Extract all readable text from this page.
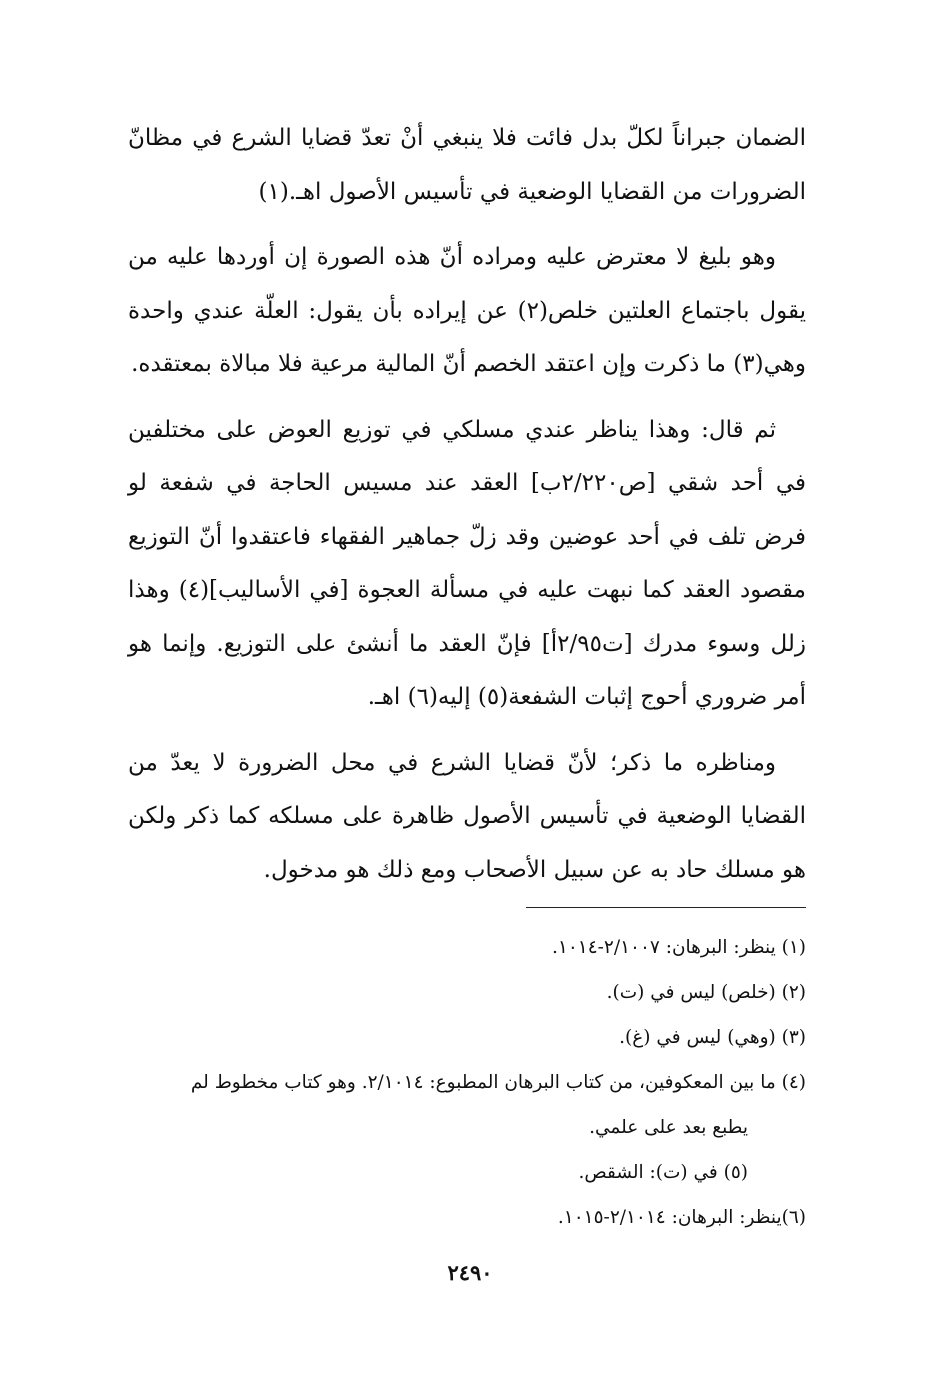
الضمان جبراناً لكلّ بدل فائت فلا ينبغي أنْ تعدّ قضايا الشرع في مظانّ الضرورات من القضايا الوضعية في تأسيس الأصول اهـ.(١)

وهو بليغ لا معترض عليه ومراده أنّ هذه الصورة إن أوردها عليه من يقول باجتماع العلتين خلص(٢) عن إيراده بأن يقول: العلّة عندي واحدة وهي(٣) ما ذكرت وإن اعتقد الخصم أنّ المالية مرعية فلا مبالاة بمعتقده.

ثم قال: وهذا يناظر عندي مسلكي في توزيع العوض على مختلفين في أحد شقي [ص٢/٢٢٠ب] العقد عند مسيس الحاجة في شفعة لو فرض تلف في أحد عوضين وقد زلّ جماهير الفقهاء فاعتقدوا أنّ التوزيع مقصود العقد كما نبهت عليه في مسألة العجوة [في الأساليب](٤) وهذا زلل وسوء مدرك [ت٢/٩٥أ] فإنّ العقد ما أنشئ على التوزيع. وإنما هو أمر ضروري أحوج إثبات الشفعة(٥) إليه(٦) اهـ.

ومناظره ما ذكر؛ لأنّ قضايا الشرع في محل الضرورة لا يعدّ من القضايا الوضعية في تأسيس الأصول ظاهرة على مسلكه كما ذكر ولكن هو مسلك حاد به عن سبيل الأصحاب ومع ذلك هو مدخول.

(١) ينظر: البرهان: ٢/١٠٠٧-١٠١٤.
(٢) (خلص) ليس في (ت).
(٣) (وهي) ليس في (غ).
(٤) ما بين المعكوفين، من كتاب البرهان المطبوع: ٢/١٠١٤. وهو كتاب مخطوط لم
يطبع بعد على علمي.
(٥) في (ت): الشقص.
(٦)ينظر: البرهان: ٢/١٠١٤-١٠١٥.
٢٤٩٠
